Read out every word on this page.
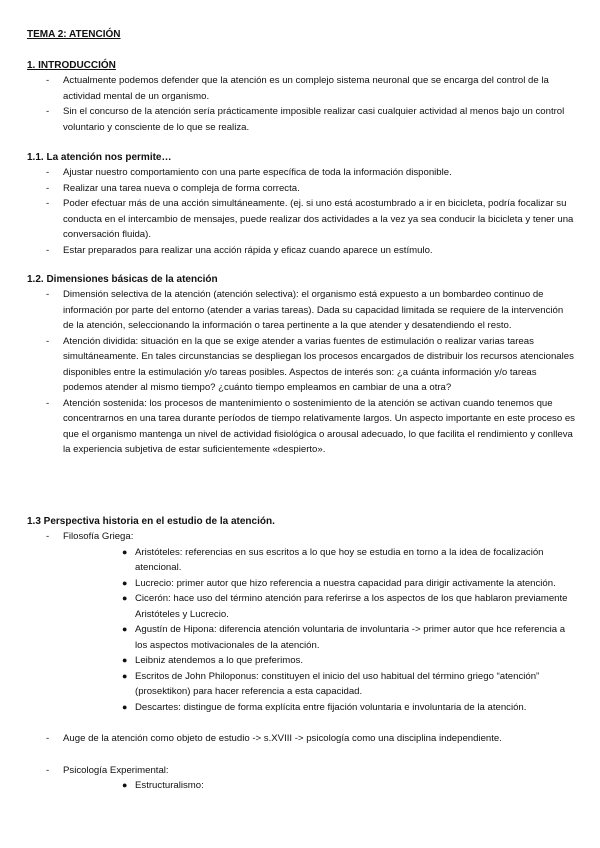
TEMA 2: ATENCIÓN
1. INTRODUCCIÓN
- Actualmente podemos defender que la atención es un complejo sistema neuronal que se encarga del control de la actividad mental de un organismo.
- Sin el concurso de la atención sería prácticamente imposible realizar casi cualquier actividad al menos bajo un control voluntario y consciente de lo que se realiza.
1.1. La atención nos permite…
- Ajustar nuestro comportamiento con una parte específica de toda la información disponible.
- Realizar una tarea nueva o compleja de forma correcta.
- Poder efectuar más de una acción simultáneamente. (ej. si uno está acostumbrado a ir en bicicleta, podría focalizar su conducta en el intercambio de mensajes, puede realizar dos actividades a la vez ya sea conducir la bicicleta y tener una conversación fluida).
- Estar preparados para realizar una acción rápida y eficaz cuando aparece un estímulo.
1.2. Dimensiones básicas de la atención
- Dimensión selectiva de la atención (atención selectiva): el organismo está expuesto a un bombardeo continuo de información por parte del entorno (atender a varias tareas). Dada su capacidad limitada se requiere de la intervención de la atención, seleccionando la información o tarea pertinente a la que atender y desatendiendo el resto.
- Atención dividida: situación en la que se exige atender a varias fuentes de estimulación o realizar varias tareas simultáneamente. En tales circunstancias se despliegan los procesos encargados de distribuir los recursos atencionales disponibles entre la estimulación y/o tareas posibles. Aspectos de interés son: ¿a cuánta información y/o tareas podemos atender al mismo tiempo? ¿cuánto tiempo empleamos en cambiar de una a otra?
- Atención sostenida: los procesos de mantenimiento o sostenimiento de la atención se activan cuando tenemos que concentrarnos en una tarea durante períodos de tiempo relativamente largos. Un aspecto importante en este proceso es que el organismo mantenga un nivel de actividad fisiológica o arousal adecuado, lo que facilita el rendimiento y conlleva la experiencia subjetiva de estar suficientemente «despierto».
1.3 Perspectiva historia en el estudio de la atención.
- Filosofía Griega:
● Aristóteles: referencias en sus escritos a lo que hoy se estudia en torno a la idea de focalización atencional.
● Lucrecio: primer autor que hizo referencia a nuestra capacidad para dirigir activamente la atención.
● Cicerón: hace uso del término atención para referirse a los aspectos de los que hablaron previamente Aristóteles y Lucrecio.
● Agustín de Hipona: diferencia atención voluntaria de involuntaria -> primer autor que hce referencia a los aspectos motivacionales de la atención.
● Leibniz atendemos a lo que preferimos.
● Escritos de John Philoponus: constituyen el inicio del uso habitual del término griego “atención” (prosektikon) para hacer referencia a esta capacidad.
● Descartes: distingue de forma explícita entre fijación voluntaria e involuntaria de la atención.
- Auge de la atención como objeto de estudio -> s.XVIII -> psicología como una disciplina independiente.
- Psicología Experimental:
● Estructuralismo:
